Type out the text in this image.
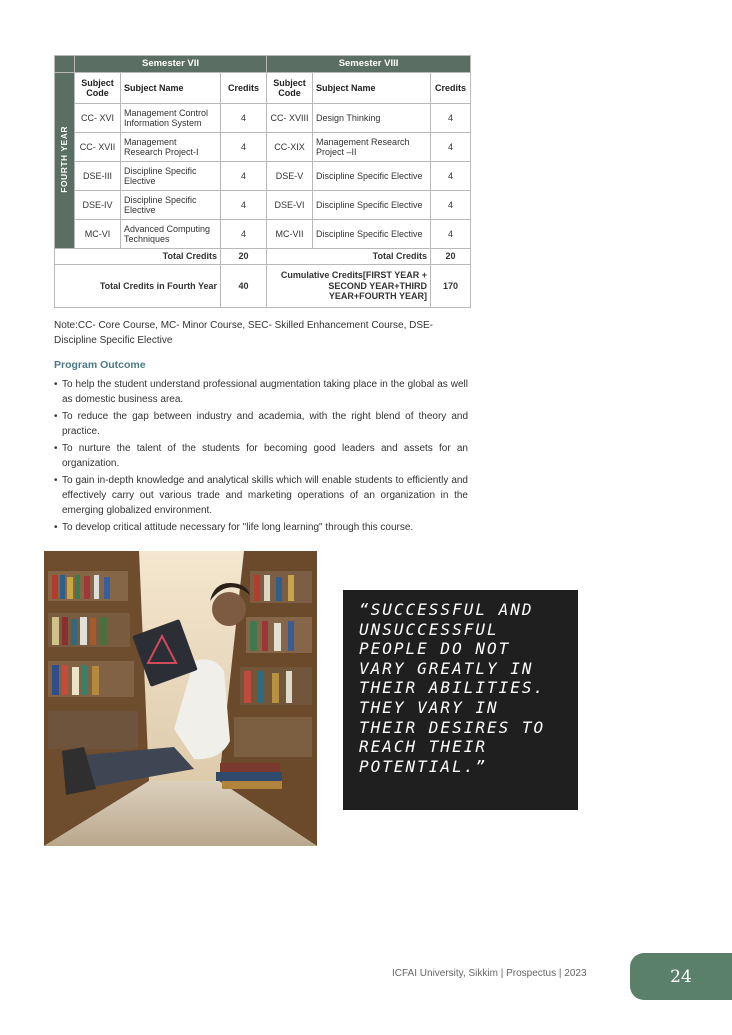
	Semester VII			Semester VIII		
FOURTH YEAR	Subject Code	Subject Name	Credits	Subject Code	Subject Name	Credits
	CC- XVI	Management Control Information System	4	CC- XVIII	Design Thinking	4
	CC- XVII	Management Research Project-I	4	CC-XIX	Management Research Project –II	4
	DSE-III	Discipline Specific Elective	4	DSE-V	Discipline Specific Elective	4
	DSE-IV	Discipline Specific Elective	4	DSE-VI	Discipline Specific Elective	4
	MC-VI	Advanced Computing Techniques	4	MC-VII	Discipline Specific Elective	4
Total Credits			20	Total Credits		20
Total Credits in Fourth Year			40	Cumulative Credits[FIRST YEAR + SECOND YEAR+THIRD YEAR+FOURTH YEAR]		170

Note:CC- Core Course, MC- Minor Course, SEC- Skilled Enhancement Course, DSE-Discipline Specific Elective

Program Outcome
• To help the student understand professional augmentation taking place in the global as well as domestic business area.
• To reduce the gap between industry and academia, with the right blend of theory and practice.
• To nurture the talent of the students for becoming good leaders and assets for an organization.
• To gain in-depth knowledge and analytical skills which will enable students to efficiently and effectively carry out various trade and marketing operations of an organization in the emerging globalized environment.
• To develop critical attitude necessary for "life long learning" through this course.

“SUCCESSFUL AND UNSUCCESSFUL PEOPLE DO NOT VARY GREATLY IN THEIR ABILITIES. THEY VARY IN THEIR DESIRES TO REACH THEIR POTENTIAL.”

ICFAI University, Sikkim | Prospectus | 2023	24
